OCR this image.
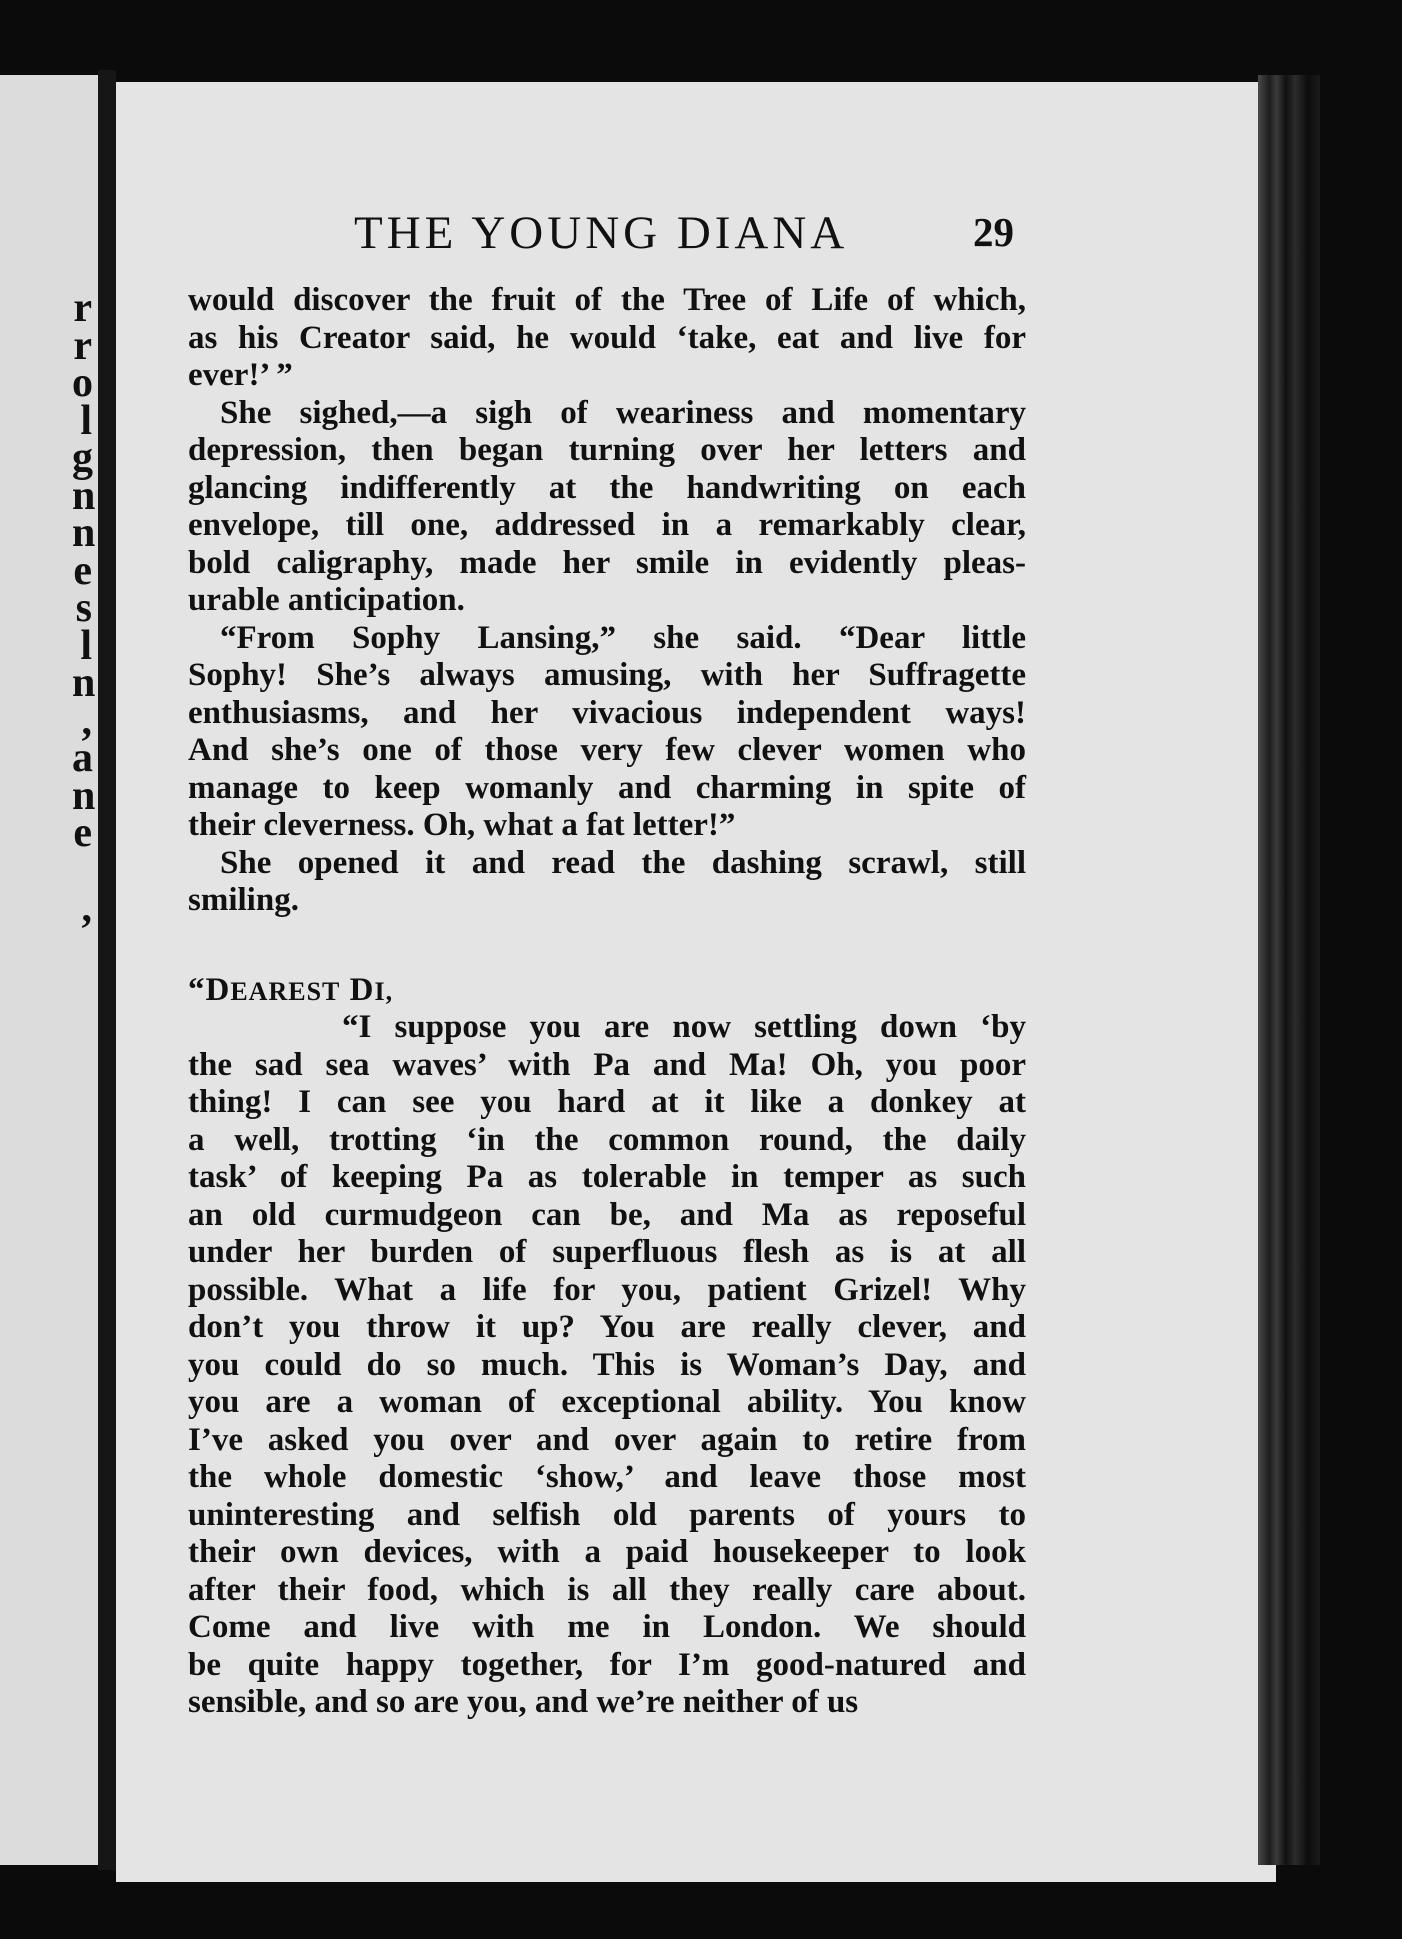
r
r
o
l
g
n
n
e
s
l
n
,
a
n
e
,
THE YOUNG DIANA	29
would discover the fruit of the Tree of Life of which,
as his Creator said, he would ‘take, eat and live for
ever!’ ”
She sighed,—a sigh of weariness and momentary
depression, then began turning over her letters and
glancing indifferently at the handwriting on each
envelope, till one, addressed in a remarkably clear,
bold caligraphy, made her smile in evidently pleas-
urable anticipation.
“From Sophy Lansing,” she said. “Dear little
Sophy! She’s always amusing, with her Suffragette
enthusiasms, and her vivacious independent ways!
And she’s one of those very few clever women who
manage to keep womanly and charming in spite of
their cleverness. Oh, what a fat letter!”
She opened it and read the dashing scrawl, still
smiling.
“DEAREST DI,
“I suppose you are now settling down ‘by
the sad sea waves’ with Pa and Ma! Oh, you poor
thing! I can see you hard at it like a donkey at
a well, trotting ‘in the common round, the daily
task’ of keeping Pa as tolerable in temper as such
an old curmudgeon can be, and Ma as reposeful
under her burden of superfluous flesh as is at all
possible. What a life for you, patient Grizel! Why
don’t you throw it up? You are really clever, and
you could do so much. This is Woman’s Day, and
you are a woman of exceptional ability. You know
I’ve asked you over and over again to retire from
the whole domestic ‘show,’ and leave those most
uninteresting and selfish old parents of yours to
their own devices, with a paid housekeeper to look
after their food, which is all they really care about.
Come and live with me in London. We should
be quite happy together, for I’m good-natured and
sensible, and so are you, and we’re neither of us
